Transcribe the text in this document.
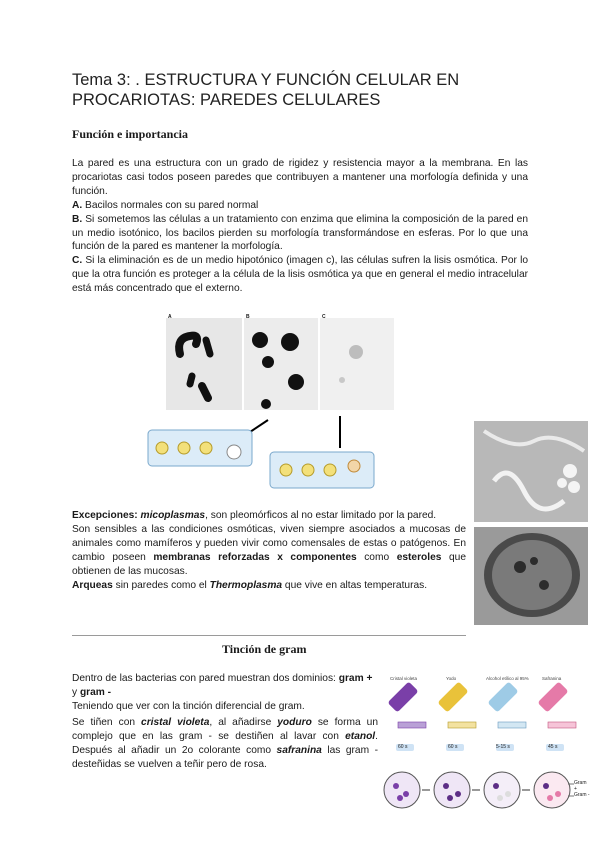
Tema 3: . ESTRUCTURA Y FUNCIÓN CELULAR EN PROCARIOTAS: PAREDES CELULARES
Función e importancia

La pared es una estructura con un grado de rigidez y resistencia mayor a la membrana. En las procariotas casi todos poseen paredes que contribuyen a mantener una morfología definida y una función.

A. Bacilos normales con su pared normal

B. Si sometemos las células a un tratamiento con enzima que elimina la composición de la pared en un medio isotónico, los bacilos pierden su morfología transformándose en esferas. Por lo que una función de la pared es mantener la morfología.

C. Si la eliminación es de un medio hipotónico (imagen c), las células sufren la lisis osmótica. Por lo que la otra función es proteger a la célula de la lisis osmótica ya que en general el medio intracelular está más concentrado que el externo.

A	B	C

Excepciones: micoplasmas, son pleomórficos al no estar limitado por la pared.

Son sensibles a las condiciones osmóticas, viven siempre asociados a mucosas de animales como mamíferos y pueden vivir como comensales de estas o patógenos. En cambio poseen membranas reforzadas x componentes como esteroles que obtienen de las mucosas.

Arqueas sin paredes como el Thermoplasma que vive en altas temperaturas.

Tinción de gram

Dentro de las bacterias con pared muestran dos dominios: gram + y gram -

Teniendo que ver con la tinción diferencial de gram.

Se tiñen con cristal violeta, al añadirse yoduro se forma un complejo que en las gram - se destiñen al lavar con etanol. Después al añadir un 2o colorante como safranina las gram - desteñidas se vuelven a teñir pero de rosa.

Cristal violeta	Yodo	Alcohol etílico al 95%	Safranina
60 s	60 s	5-15 s	45 s
Gram +
Gram -
